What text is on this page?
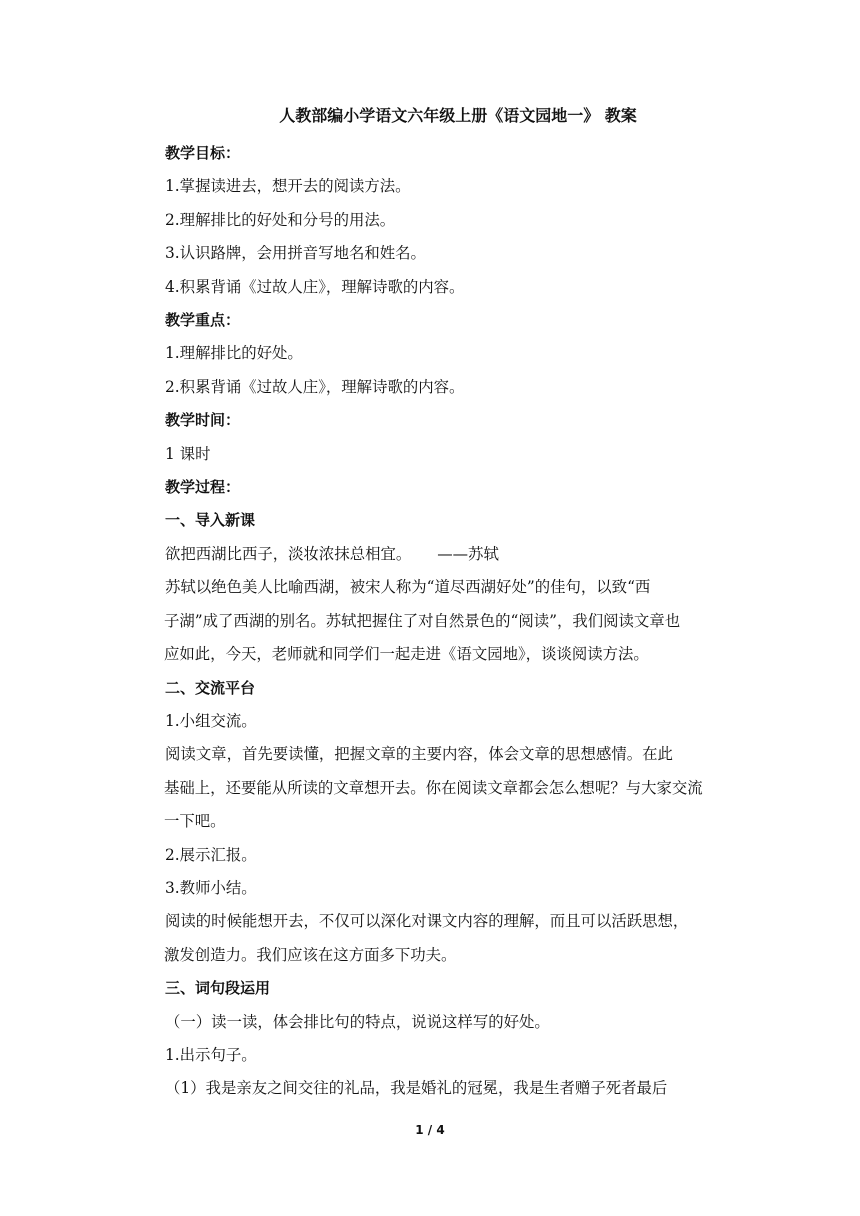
人教部编小学语文六年级上册《语文园地一》 教案
教学目标：
1.掌握读进去，想开去的阅读方法。
2.理解排比的好处和分号的用法。
3.认识路牌，会用拼音写地名和姓名。
4.积累背诵《过故人庄》，理解诗歌的内容。
教学重点：
1.理解排比的好处。
2.积累背诵《过故人庄》，理解诗歌的内容。
教学时间：
1 课时
教学过程：
一、导入新课
欲把西湖比西子，淡妆浓抹总相宜。 ——苏轼
苏轼以绝色美人比喻西湖，被宋人称为“道尽西湖好处”的佳句，以致“西
子湖”成了西湖的别名。苏轼把握住了对自然景色的“阅读”，我们阅读文章也
应如此，今天，老师就和同学们一起走进《语文园地》，谈谈阅读方法。
二、交流平台
1.小组交流。
阅读文章，首先要读懂，把握文章的主要内容，体会文章的思想感情。在此
基础上，还要能从所读的文章想开去。你在阅读文章都会怎么想呢？与大家交流
一下吧。
2.展示汇报。
3.教师小结。
阅读的时候能想开去，不仅可以深化对课文内容的理解，而且可以活跃思想，
激发创造力。我们应该在这方面多下功夫。
三、词句段运用
（一）读一读，体会排比句的特点，说说这样写的好处。
1.出示句子。
（1）我是亲友之间交往的礼品，我是婚礼的冠冕，我是生者赠子死者最后
1 / 4
